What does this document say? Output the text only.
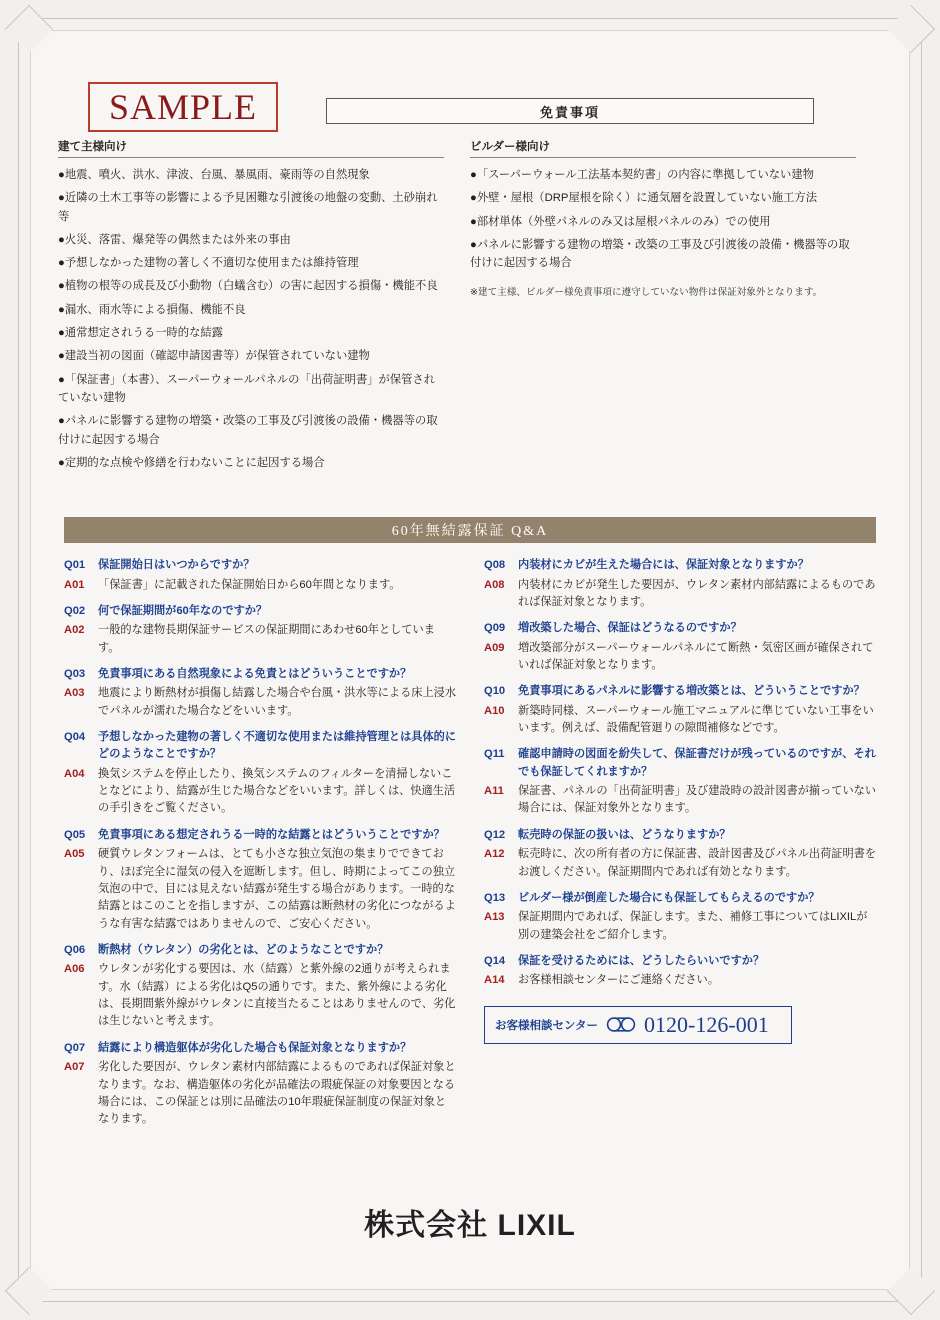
SAMPLE	免責事項
建て主様向け
●地震、噴火、洪水、津波、台風、暴風雨、豪雨等の自然現象
●近隣の土木工事等の影響による予見困難な引渡後の地盤の変動、土砂崩れ等
●火災、落雷、爆発等の偶然または外来の事由
●予想しなかった建物の著しく不適切な使用または維持管理
●植物の根等の成長及び小動物（白蟻含む）の害に起因する損傷・機能不良
●漏水、雨水等による損傷、機能不良
●通常想定されうる一時的な結露
●建設当初の図面（確認申請図書等）が保管されていない建物
●「保証書」（本書）、スーパーウォールパネルの「出荷証明書」が保管されていない建物
●パネルに影響する建物の増築・改築の工事及び引渡後の設備・機器等の取付けに起因する場合
●定期的な点検や修繕を行わないことに起因する場合
ビルダー様向け
●「スーパーウォール工法基本契約書」の内容に準拠していない建物
●外壁・屋根（DRP屋根を除く）に通気層を設置していない施工方法
●部材単体（外壁パネルのみ又は屋根パネルのみ）での使用
●パネルに影響する建物の増築・改築の工事及び引渡後の設備・機器等の取付けに起因する場合
※建て主様、ビルダー様免責事項に遵守していない物件は保証対象外となります。
60年無結露保証 Q&A
Q01	保証開始日はいつからですか？
A01	「保証書」に記載された保証開始日から60年間となります。
Q02	何で保証期間が60年なのですか？
A02	一般的な建物長期保証サービスの保証期間にあわせ60年としています。
Q03	免責事項にある自然現象による免責とはどういうことですか？
A03	地震により断熱材が損傷し結露した場合や台風・洪水等による床上浸水でパネルが濡れた場合などをいいます。
Q04	予想しなかった建物の著しく不適切な使用または維持管理とは具体的にどのようなことですか？
A04	換気システムを停止したり、換気システムのフィルターを清掃しないことなどにより、結露が生じた場合などをいいます。詳しくは、快適生活の手引きをご覧ください。
Q05	免責事項にある想定されうる一時的な結露とはどういうことですか？
A05	硬質ウレタンフォームは、とても小さな独立気泡の集まりでできており、ほぼ完全に湿気の侵入を遮断します。但し、時期によってこの独立気泡の中で、目には見えない結露が発生する場合があります。一時的な結露とはこのことを指しますが、この結露は断熱材の劣化につながるような有害な結露ではありませんので、ご安心ください。
Q06	断熱材（ウレタン）の劣化とは、どのようなことですか？
A06	ウレタンが劣化する要因は、水（結露）と紫外線の2通りが考えられます。水（結露）による劣化はQ5の通りです。また、紫外線による劣化は、長期間紫外線がウレタンに直接当たることはありませんので、劣化は生じないと考えます。
Q07	結露により構造躯体が劣化した場合も保証対象となりますか？
A07	劣化した要因が、ウレタン素材内部結露によるものであれば保証対象となります。なお、構造躯体の劣化が品確法の瑕疵保証の対象要因となる場合には、この保証とは別に品確法の10年瑕疵保証制度の保証対象となります。
Q08	内装材にカビが生えた場合には、保証対象となりますか？
A08	内装材にカビが発生した要因が、ウレタン素材内部結露によるものであれば保証対象となります。
Q09	増改築した場合、保証はどうなるのですか？
A09	増改築部分がスーパーウォールパネルにて断熱・気密区画が確保されていれば保証対象となります。
Q10	免責事項にあるパネルに影響する増改築とは、どういうことですか？
A10	新築時同様、スーパーウォール施工マニュアルに準じていない工事をいいます。例えば、設備配管廻りの隙間補修などです。
Q11	確認申請時の図面を紛失して、保証書だけが残っているのですが、それでも保証してくれますか？
A11	保証書、パネルの「出荷証明書」及び建設時の設計図書が揃っていない場合には、保証対象外となります。
Q12	転売時の保証の扱いは、どうなりますか？
A12	転売時に、次の所有者の方に保証書、設計図書及びパネル出荷証明書をお渡しください。保証期間内であれば有効となります。
Q13	ビルダー様が倒産した場合にも保証してもらえるのですか？
A13	保証期間内であれば、保証します。また、補修工事についてはLIXILが別の建築会社をご紹介します。
Q14	保証を受けるためには、どうしたらいいですか？
A14	お客様相談センターにご連絡ください。
お客様相談センター 0120-126-001
株式会社 LIXIL
